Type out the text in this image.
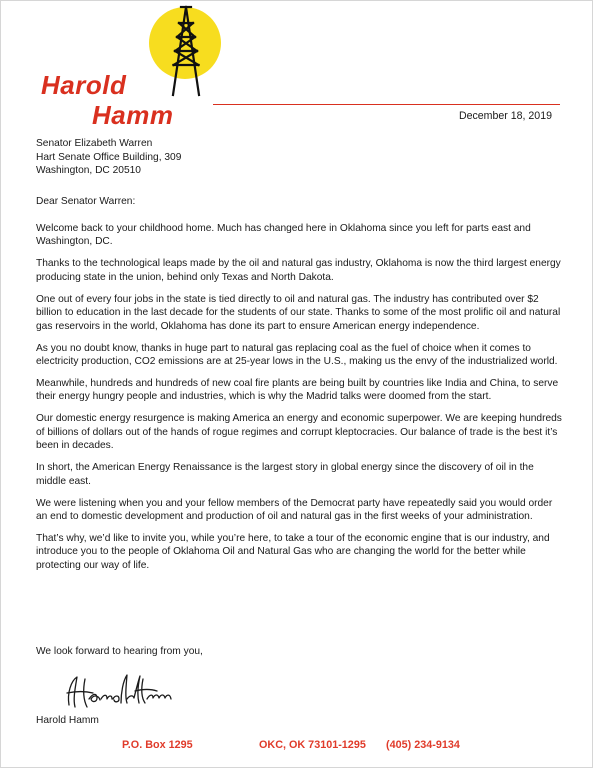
Harold
Hamm	December 18, 2019
Senator Elizabeth Warren
Hart Senate Office Building, 309
Washington, DC 20510
Dear Senator Warren:

Welcome back to your childhood home. Much has changed here in Oklahoma since you left for parts east and Washington, DC.

Thanks to the technological leaps made by the oil and natural gas industry, Oklahoma is now the third largest energy producing state in the union, behind only Texas and North Dakota.

One out of every four jobs in the state is tied directly to oil and natural gas. The industry has contributed over $2 billion to education in the last decade for the students of our state. Thanks to some of the most prolific oil and natural gas reservoirs in the world, Oklahoma has done its part to ensure American energy independence.

As you no doubt know, thanks in huge part to natural gas replacing coal as the fuel of choice when it comes to electricity production, CO2 emissions are at 25-year lows in the U.S., making us the envy of the industrialized world.

Meanwhile, hundreds and hundreds of new coal fire plants are being built by countries like India and China, to serve their energy hungry people and industries, which is why the Madrid talks were doomed from the start.

Our domestic energy resurgence is making America an energy and economic superpower. We are keeping hundreds of billions of dollars out of the hands of rogue regimes and corrupt kleptocracies. Our balance of trade is the best it’s been in decades.

In short, the American Energy Renaissance is the largest story in global energy since the discovery of oil in the middle east.

We were listening when you and your fellow members of the Democrat party have repeatedly said you would order an end to domestic development and production of oil and natural gas in the first weeks of your administration.

That’s why, we’d like to invite you, while you’re here, to take a tour of the economic engine that is our industry, and introduce you to the people of Oklahoma Oil and Natural Gas who are changing the world for the better while protecting our way of life.

We look forward to hearing from you,
Harold Hamm
P.O. Box 1295	OKC, OK 73101-1295 (405) 234-9134
